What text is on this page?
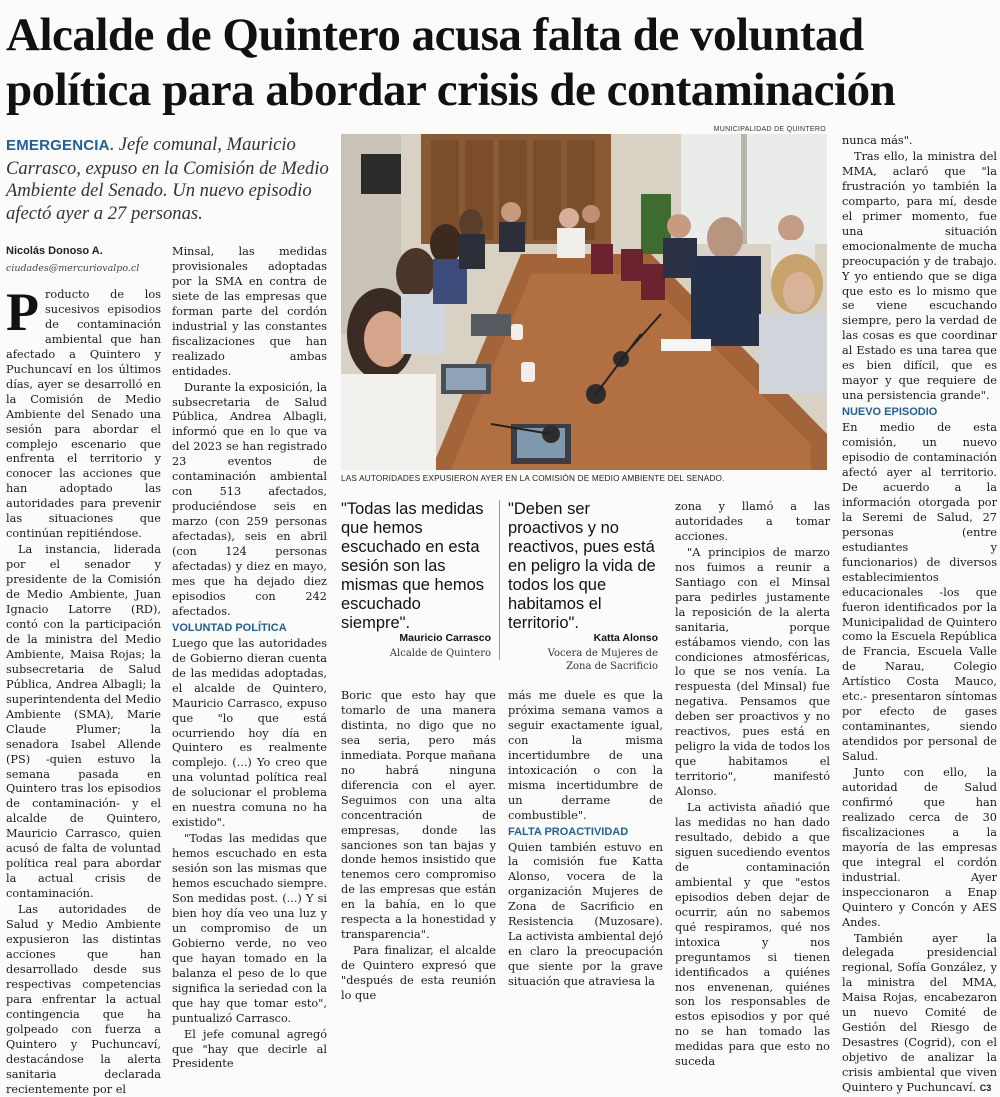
Alcalde de Quintero acusa falta de voluntad
política para abordar crisis de contaminación
EMERGENCIA. Jefe comunal, Mauricio Carrasco, expuso en la Comisión de Medio Ambiente del Senado. Un nuevo episodio afectó ayer a 27 personas.
Nicolás Donoso A.
ciudades@mercuriovalpo.cl

Producto de los sucesivos episodios de contaminación ambiental que han afectado a Quintero y Puchuncaví en los últimos días, ayer se desarrolló en la Comisión de Medio Ambiente del Senado una sesión para abordar el complejo escenario que enfrenta el territorio y conocer las acciones que han adoptado las autoridades para prevenir las situaciones que continúan repitiéndose.

La instancia, liderada por el senador y presidente de la Comisión de Medio Ambiente, Juan Ignacio Latorre (RD), contó con la participación de la ministra del Medio Ambiente, Maisa Rojas; la subsecretaria de Salud Pública, Andrea Albagli; la superintendenta del Medio Ambiente (SMA), Marie Claude Plumer; la senadora Isabel Allende (PS) -quien estuvo la semana pasada en Quintero tras los episodios de contaminación- y el alcalde de Quintero, Mauricio Carrasco, quien acusó de falta de voluntad política real para abordar la actual crisis de contaminación.

Las autoridades de Salud y Medio Ambiente expusieron las distintas acciones que han desarrollado desde sus respectivas competencias para enfrentar la actual contingencia que ha golpeado con fuerza a Quintero y Puchuncaví, destacándose la alerta sanitaria declarada recientemente por el

Minsal, las medidas provisionales adoptadas por la SMA en contra de siete de las empresas que forman parte del cordón industrial y las constantes fiscalizaciones que han realizado ambas entidades.

Durante la exposición, la subsecretaria de Salud Pública, Andrea Albagli, informó que en lo que va del 2023 se han registrado 23 eventos de contaminación ambiental con 513 afectados, produciéndose seis en marzo (con 259 personas afectadas), seis en abril (con 124 personas afectadas) y diez en mayo, mes que ha dejado diez episodios con 242 afectados.

VOLUNTAD POLÍTICA

Luego que las autoridades de Gobierno dieran cuenta de las medidas adoptadas, el alcalde de Quintero, Mauricio Carrasco, expuso que "lo que está ocurriendo hoy día en Quintero es realmente complejo. (...) Yo creo que una voluntad política real de solucionar el problema en nuestra comuna no ha existido".

"Todas las medidas que hemos escuchado en esta sesión son las mismas que hemos escuchado siempre. Son medidas post. (...) Y si bien hoy día veo una luz y un compromiso de un Gobierno verde, no veo que hayan tomado en la balanza el peso de lo que significa la seriedad con la que hay que tomar esto", puntualizó Carrasco.

El jefe comunal agregó que "hay que decirle al Presidente

MUNICIPALIDAD DE QUINTERO
LAS AUTORIDADES EXPUSIERON AYER EN LA COMISIÓN DE MEDIO AMBIENTE DEL SENADO.
"Todas las medidas que hemos escuchado en esta sesión son las mismas que hemos escuchado siempre".
Mauricio Carrasco
Alcalde de Quintero
"Deben ser proactivos y no reactivos, pues está en peligro la vida de todos los que habitamos el territorio".
Katta Alonso
Vocera de Mujeres de
Zona de Sacrificio

Boric que esto hay que tomarlo de una manera distinta, no digo que no sea seria, pero más inmediata. Porque mañana no habrá ninguna diferencia con el ayer. Seguimos con una alta concentración de empresas, donde las sanciones son tan bajas y donde hemos insistido que tenemos cero compromiso de las empresas que están en la bahía, en lo que respecta a la honestidad y transparencia".

Para finalizar, el alcalde de Quintero expresó que "después de esta reunión lo que

más me duele es que la próxima semana vamos a seguir exactamente igual, con la misma incertidumbre de una intoxicación o con la misma incertidumbre de un derrame de combustible".

FALTA PROACTIVIDAD

Quien también estuvo en la comisión fue Katta Alonso, vocera de la organización Mujeres de Zona de Sacrificio en Resistencia (Muzosare). La activista ambiental dejó en claro la preocupación que siente por la grave situación que atraviesa la

zona y llamó a las autoridades a tomar acciones.

"A principios de marzo nos fuimos a reunir a Santiago con el Minsal para pedirles justamente la reposición de la alerta sanitaria, porque estábamos viendo, con las condiciones atmosféricas, lo que se nos venía. La respuesta (del Minsal) fue negativa. Pensamos que deben ser proactivos y no reactivos, pues está en peligro la vida de todos los que habitamos el territorio", manifestó Alonso.

La activista añadió que las medidas no han dado resultado, debido a que siguen sucediendo eventos de contaminación ambiental y que "estos episodios deben dejar de ocurrir, aún no sabemos qué respiramos, qué nos intoxica y nos preguntamos si tienen identificados a quiénes nos envenenan, quiénes son los responsables de estos episodios y por qué no se han tomado las medidas para que esto no suceda

nunca más".

Tras ello, la ministra del MMA, aclaró que "la frustración yo también la comparto, para mí, desde el primer momento, fue una situación emocionalmente de mucha preocupación y de trabajo. Y yo entiendo que se diga que esto es lo mismo que se viene escuchando siempre, pero la verdad de las cosas es que coordinar al Estado es una tarea que es bien difícil, que es mayor y que requiere de una persistencia grande".

NUEVO EPISODIO

En medio de esta comisión, un nuevo episodio de contaminación afectó ayer al territorio. De acuerdo a la información otorgada por la Seremi de Salud, 27 personas (entre estudiantes y funcionarios) de diversos establecimientos educacionales -los que fueron identificados por la Municipalidad de Quintero como la Escuela República de Francia, Escuela Valle de Narau, Colegio Artístico Costa Mauco, etc.- presentaron síntomas por efecto de gases contaminantes, siendo atendidos por personal de Salud.

Junto con ello, la autoridad de Salud confirmó que han realizado cerca de 30 fiscalizaciones a la mayoría de las empresas que integral el cordón industrial. Ayer inspeccionaron a Enap Quintero y Concón y AES Andes.

También ayer la delegada presidencial regional, Sofía González, y la ministra del MMA, Maisa Rojas, encabezaron un nuevo Comité de Gestión del Riesgo de Desastres (Cogrid), con el objetivo de analizar la crisis ambiental que viven Quintero y Puchuncaví. C3
